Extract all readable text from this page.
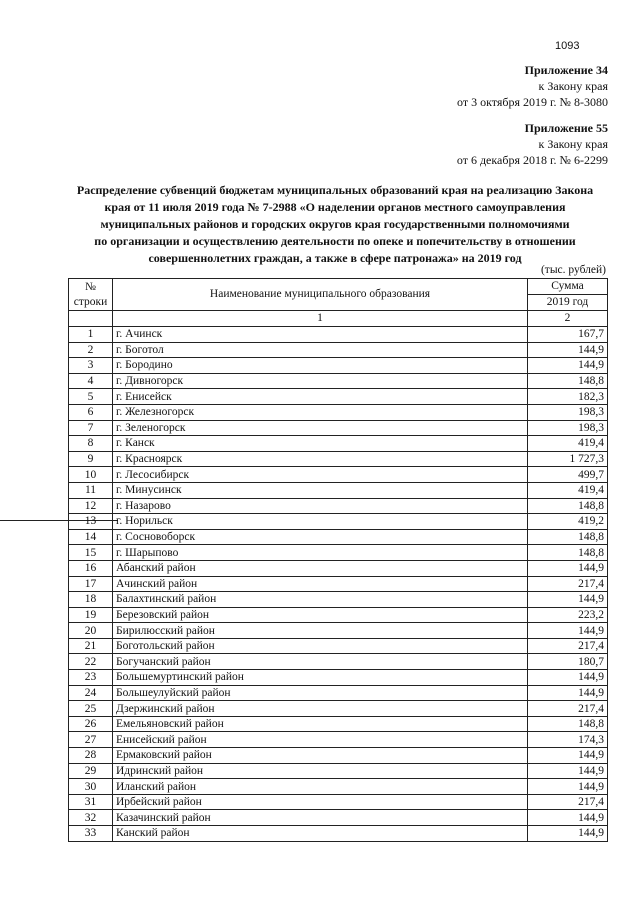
1093
Приложение 34
к Закону края
от 3 октября 2019 г. № 8-3080
Приложение 55
к Закону края
от 6 декабря 2018 г. № 6-2299
Распределение субвенций бюджетам муниципальных образований края на реализацию Закона
края от 11 июля 2019 года № 7-2988 «О наделении органов местного самоуправления
муниципальных районов и городских округов края государственными полномочиями
по организации и осуществлению деятельности по опеке и попечительству в отношении
совершеннолетних граждан, а также в сфере патронажа» на 2019 год
(тыс. рублей)
№
строки	Наименование муниципального образования	Сумма
		2019 год
	1	2
1	г. Ачинск	167,7
2	г. Боготол	144,9
3	г. Бородино	144,9
4	г. Дивногорск	148,8
5	г. Енисейск	182,3
6	г. Железногорск	198,3
7	г. Зеленогорск	198,3
8	г. Канск	419,4
9	г. Красноярск	1 727,3
10	г. Лесосибирск	499,7
11	г. Минусинск	419,4
12	г. Назарово	148,8
13	г. Норильск	419,2
14	г. Сосновоборск	148,8
15	г. Шарыпово	148,8
16	Абанский район	144,9
17	Ачинский район	217,4
18	Балахтинский район	144,9
19	Березовский район	223,2
20	Бирилюсский район	144,9
21	Боготольский район	217,4
22	Богучанский район	180,7
23	Большемуртинский район	144,9
24	Большеулуйский район	144,9
25	Дзержинский район	217,4
26	Емельяновский район	148,8
27	Енисейский район	174,3
28	Ермаковский район	144,9
29	Идринский район	144,9
30	Иланский район	144,9
31	Ирбейский район	217,4
32	Казачинский район	144,9
33	Канский район	144,9
